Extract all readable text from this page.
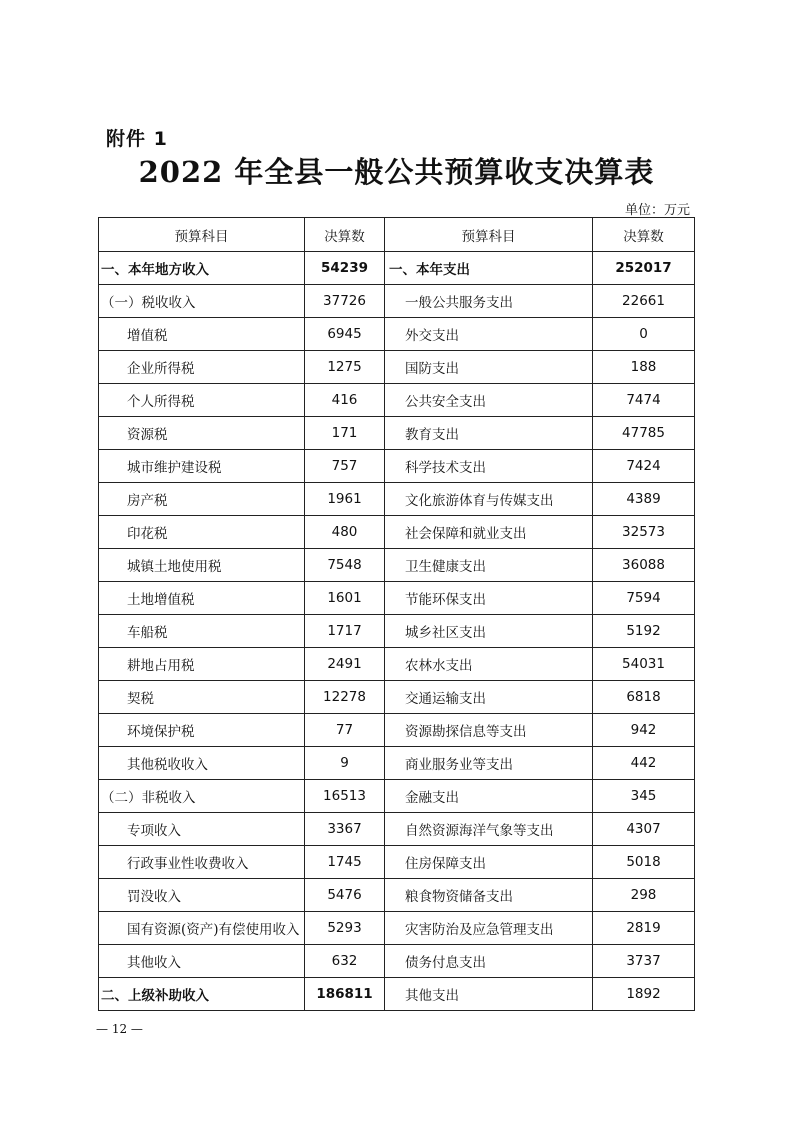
附件 1
2022 年全县一般公共预算收支决算表
单位：万元
预算科目	决算数	预算科目	决算数
一、本年地方收入	54239	一、本年支出	252017
（一）税收收入	37726	一般公共服务支出	22661
增值税	6945	外交支出	0
企业所得税	1275	国防支出	188
个人所得税	416	公共安全支出	7474
资源税	171	教育支出	47785
城市维护建设税	757	科学技术支出	7424
房产税	1961	文化旅游体育与传媒支出	4389
印花税	480	社会保障和就业支出	32573
城镇土地使用税	7548	卫生健康支出	36088
土地增值税	1601	节能环保支出	7594
车船税	1717	城乡社区支出	5192
耕地占用税	2491	农林水支出	54031
契税	12278	交通运输支出	6818
环境保护税	77	资源勘探信息等支出	942
其他税收收入	9	商业服务业等支出	442
（二）非税收入	16513	金融支出	345
专项收入	3367	自然资源海洋气象等支出	4307
行政事业性收费收入	1745	住房保障支出	5018
罚没收入	5476	粮食物资储备支出	298
国有资源(资产)有偿使用收入	5293	灾害防治及应急管理支出	2819
其他收入	632	债务付息支出	3737
二、上级补助收入	186811	其他支出	1892
— 12 —
